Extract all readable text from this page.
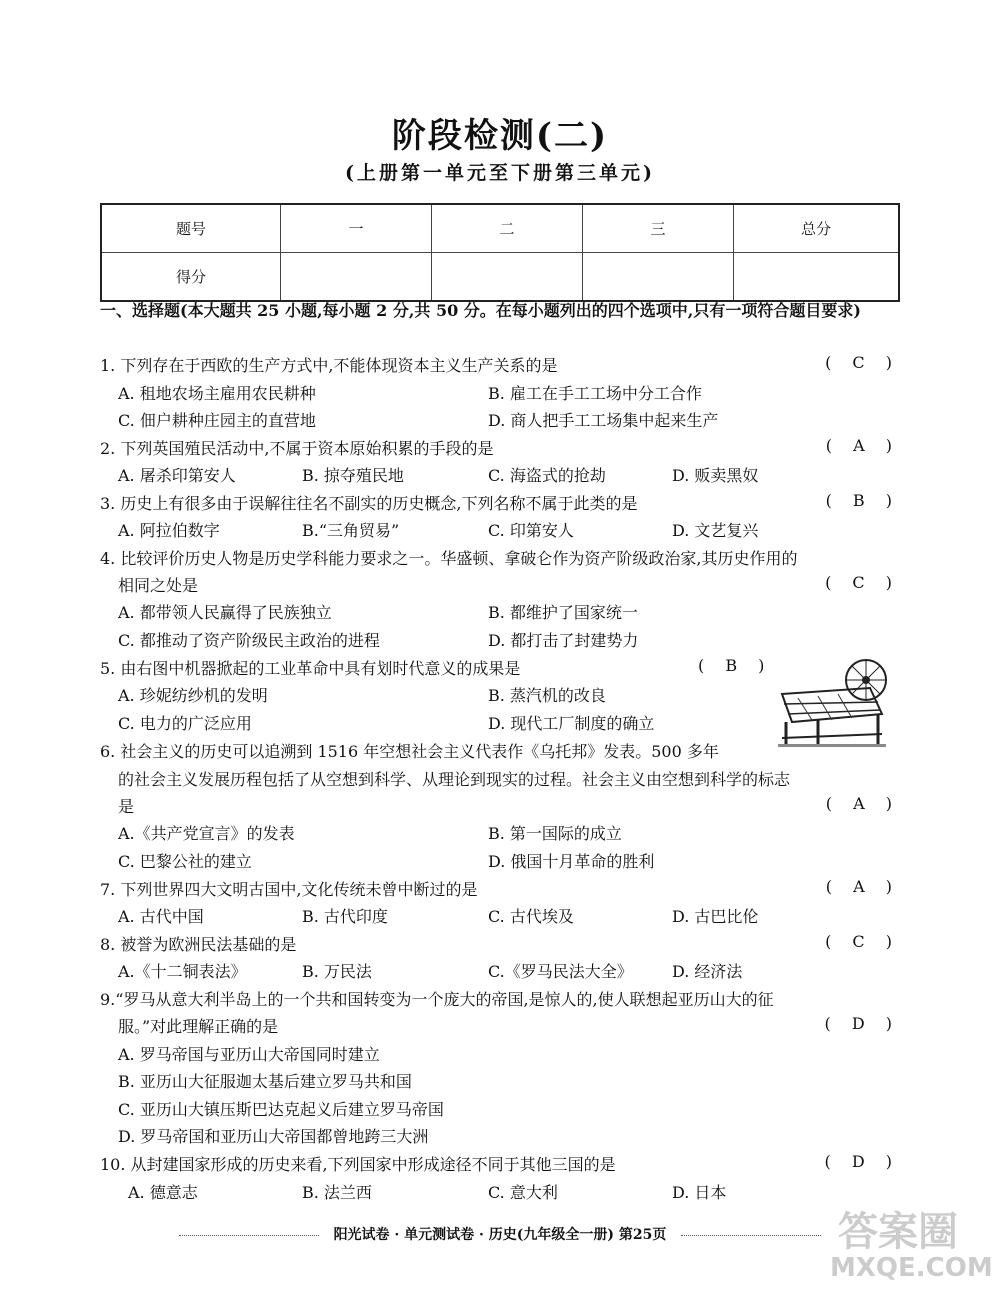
阶段检测(二)
(上册第一单元至下册第三单元)
题号	一	二	三	总分
得分				
一、选择题(本大题共 25 小题,每小题 2 分,共 50 分。在每小题列出的四个选项中,只有一项符合题目要求)
1. 下列存在于西欧的生产方式中,不能体现资本主义生产关系的是	( C )
A. 租地农场主雇用农民耕种	B. 雇工在手工工场中分工合作
C. 佃户耕种庄园主的直营地	D. 商人把手工工场集中起来生产
2. 下列英国殖民活动中,不属于资本原始积累的手段的是	( A )
A. 屠杀印第安人	B. 掠夺殖民地	C. 海盗式的抢劫	D. 贩卖黑奴
3. 历史上有很多由于误解往往名不副实的历史概念,下列名称不属于此类的是	( B )
A. 阿拉伯数字	B.“三角贸易”	C. 印第安人	D. 文艺复兴
4. 比较评价历史人物是历史学科能力要求之一。华盛顿、拿破仑作为资产阶级政治家,其历史作用的
相同之处是	( C )
A. 都带领人民赢得了民族独立	B. 都维护了国家统一
C. 都推动了资产阶级民主政治的进程	D. 都打击了封建势力
5. 由右图中机器掀起的工业革命中具有划时代意义的成果是	( B )
A. 珍妮纺纱机的发明	B. 蒸汽机的改良
C. 电力的广泛应用	D. 现代工厂制度的确立
6. 社会主义的历史可以追溯到 1516 年空想社会主义代表作《乌托邦》发表。500 多年
的社会主义发展历程包括了从空想到科学、从理论到现实的过程。社会主义由空想到科学的标志
是	( A )
A.《共产党宣言》的发表	B. 第一国际的成立
C. 巴黎公社的建立	D. 俄国十月革命的胜利
7. 下列世界四大文明古国中,文化传统未曾中断过的是	( A )
A. 古代中国	B. 古代印度	C. 古代埃及	D. 古巴比伦
8. 被誉为欧洲民法基础的是	( C )
A.《十二铜表法》	B. 万民法	C.《罗马民法大全》 D. 经济法
9.“罗马从意大利半岛上的一个共和国转变为一个庞大的帝国,是惊人的,使人联想起亚历山大的征
服。”对此理解正确的是	( D )
A. 罗马帝国与亚历山大帝国同时建立
B. 亚历山大征服迦太基后建立罗马共和国
C. 亚历山大镇压斯巴达克起义后建立罗马帝国
D. 罗马帝国和亚历山大帝国都曾地跨三大洲
10. 从封建国家形成的历史来看,下列国家中形成途径不同于其他三国的是	( D )
A. 德意志	B. 法兰西	C. 意大利	D. 日本
阳光试卷 · 单元测试卷 · 历史(九年级全一册) 第25页	答案圈
MXQE.COM
